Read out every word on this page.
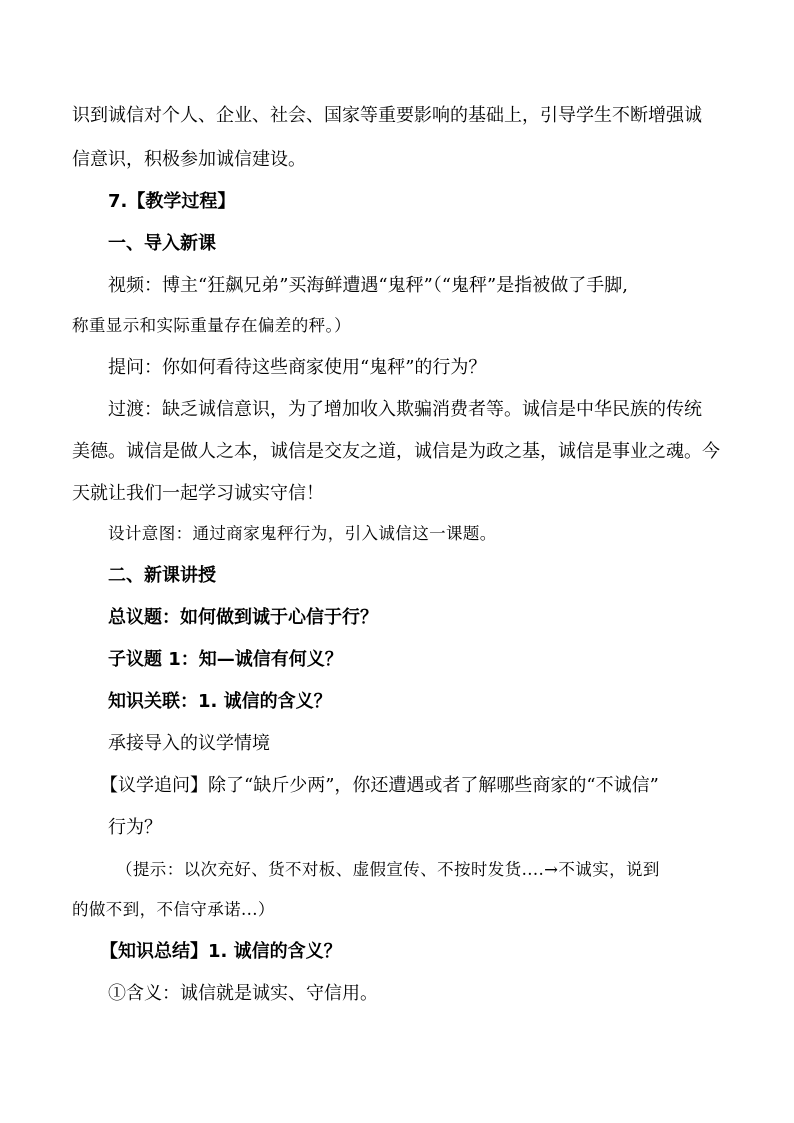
识到诚信对个人、企业、社会、国家等重要影响的基础上，引导学生不断增强诚
信意识，积极参加诚信建设。
7.【教学过程】
一、导入新课
视频：博主“狂飙兄弟”买海鲜遭遇“鬼秤”（“鬼秤”是指被做了手脚,
称重显示和实际重量存在偏差的秤。）
提问：你如何看待这些商家使用“鬼秤”的行为？
过渡：缺乏诚信意识，为了增加收入欺骗消费者等。诚信是中华民族的传统
美德。诚信是做人之本，诚信是交友之道，诚信是为政之基，诚信是事业之魂。今
天就让我们一起学习诚实守信！
设计意图：通过商家鬼秤行为，引入诚信这一课题。
二、新课讲授
总议题：如何做到诚于心信于行？
子议题 1：知—诚信有何义？
知识关联：1. 诚信的含义？
承接导入的议学情境
【议学追问】除了“缺斤少两”，你还遭遇或者了解哪些商家的“不诚信”
行为？
（提示：以次充好、货不对板、虚假宣传、不按时发货....→不诚实，说到
的做不到，不信守承诺...）
【知识总结】1. 诚信的含义？
①含义：诚信就是诚实、守信用。
